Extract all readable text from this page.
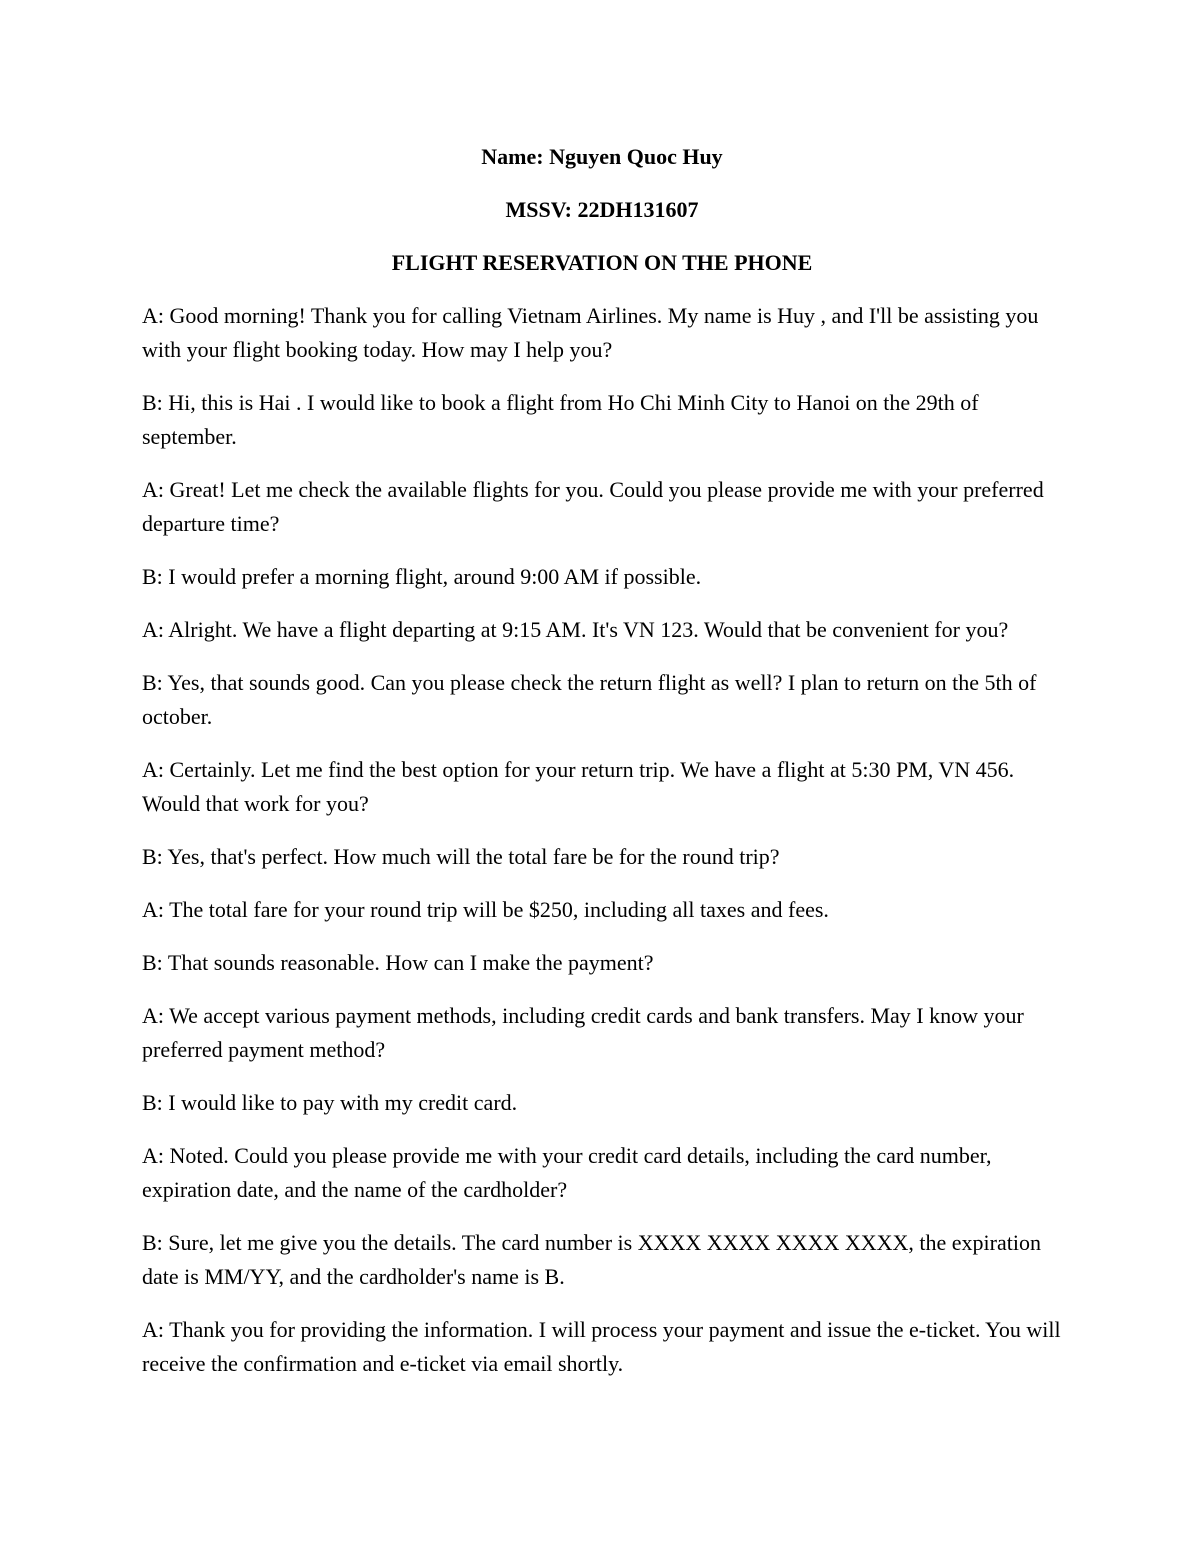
Name: Nguyen Quoc Huy

MSSV: 22DH131607

FLIGHT RESERVATION ON THE PHONE

A: Good morning! Thank you for calling Vietnam Airlines. My name is Huy , and I'll be assisting you with your flight booking today. How may I help you?

B: Hi, this is Hai . I would like to book a flight from Ho Chi Minh City to Hanoi on the 29th of september.

A: Great! Let me check the available flights for you. Could you please provide me with your preferred departure time?

B: I would prefer a morning flight, around 9:00 AM if possible.

A: Alright. We have a flight departing at 9:15 AM. It's VN 123. Would that be convenient for you?

B: Yes, that sounds good. Can you please check the return flight as well? I plan to return on the 5th of october.

A: Certainly. Let me find the best option for your return trip. We have a flight at 5:30 PM, VN 456. Would that work for you?

B: Yes, that's perfect. How much will the total fare be for the round trip?

A: The total fare for your round trip will be $250, including all taxes and fees.

B: That sounds reasonable. How can I make the payment?

A: We accept various payment methods, including credit cards and bank transfers. May I know your preferred payment method?

B: I would like to pay with my credit card.

A: Noted. Could you please provide me with your credit card details, including the card number, expiration date, and the name of the cardholder?

B: Sure, let me give you the details. The card number is XXXX XXXX XXXX XXXX, the expiration date is MM/YY, and the cardholder's name is B.

A: Thank you for providing the information. I will process your payment and issue the e-ticket. You will receive the confirmation and e-ticket via email shortly.
